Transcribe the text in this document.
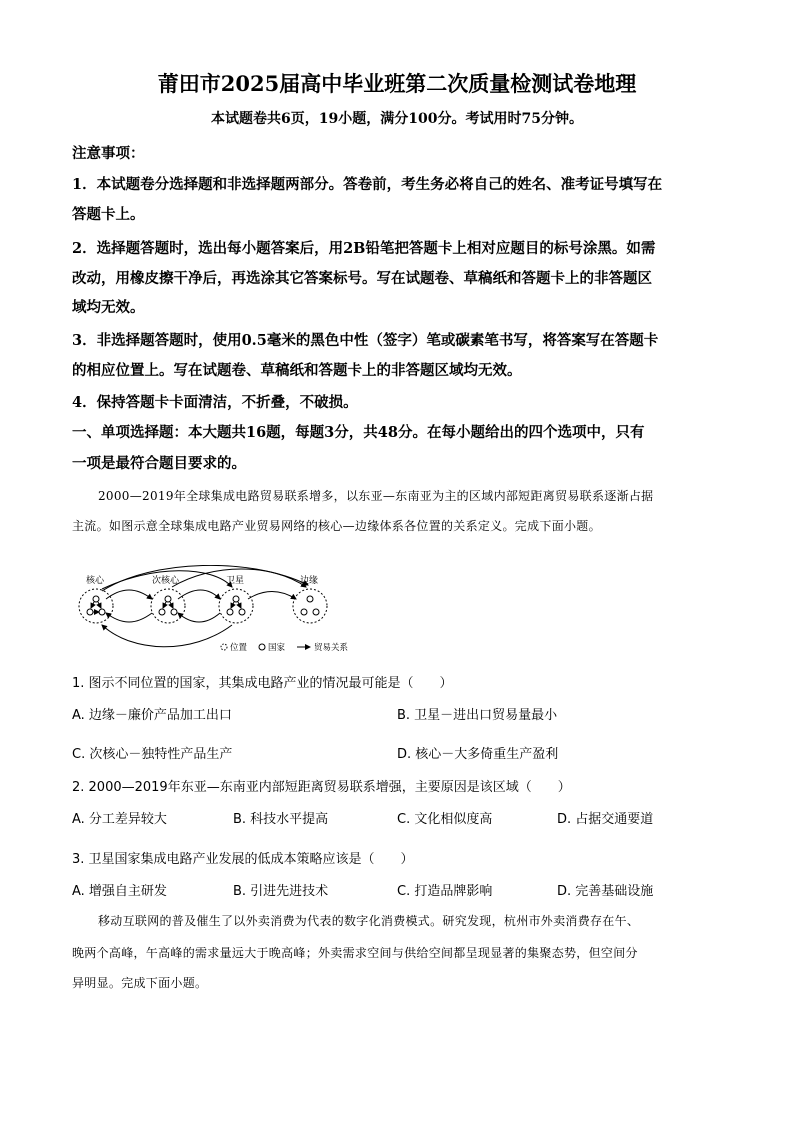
莆田市2025届高中毕业班第二次质量检测试卷地理
本试题卷共6页，19小题，满分100分。考试用时75分钟。
注意事项：
1．本试题卷分选择题和非选择题两部分。答卷前，考生务必将自己的姓名、准考证号填写在
答题卡上。
2．选择题答题时，选出每小题答案后，用2B铅笔把答题卡上相对应题目的标号涂黑。如需
改动，用橡皮擦干净后，再选涂其它答案标号。写在试题卷、草稿纸和答题卡上的非答题区
域均无效。
3．非选择题答题时，使用0.5毫米的黑色中性（签字）笔或碳素笔书写，将答案写在答题卡
的相应位置上。写在试题卷、草稿纸和答题卡上的非答题区域均无效。
4．保持答题卡卡面清洁，不折叠，不破损。
一、单项选择题：本大题共16题，每题3分，共48分。在每小题给出的四个选项中，只有
一项是最符合题目要求的。
2000—2019年全球集成电路贸易联系增多，以东亚—东南亚为主的区域内部短距离贸易联系逐渐占据
主流。如图示意全球集成电路产业贸易网络的核心—边缘体系各位置的关系定义。完成下面小题。
核心	次核心	卫星	边缘
位置 国家	贸易关系
1. 图示不同位置的国家，其集成电路产业的情况最可能是（　　）
A. 边缘－廉价产品加工出口	B. 卫星－进出口贸易量最小
C. 次核心－独特性产品生产	D. 核心－大多倚重生产盈利
2. 2000—2019年东亚—东南亚内部短距离贸易联系增强，主要原因是该区域（　　）
A. 分工差异较大	B. 科技水平提高	C. 文化相似度高	D. 占据交通要道
3. 卫星国家集成电路产业发展的低成本策略应该是（　　）
A. 增强自主研发	B. 引进先进技术	C. 打造品牌影响	D. 完善基础设施
移动互联网的普及催生了以外卖消费为代表的数字化消费模式。研究发现，杭州市外卖消费存在午、
晚两个高峰，午高峰的需求量远大于晚高峰；外卖需求空间与供给空间都呈现显著的集聚态势，但空间分
异明显。完成下面小题。
